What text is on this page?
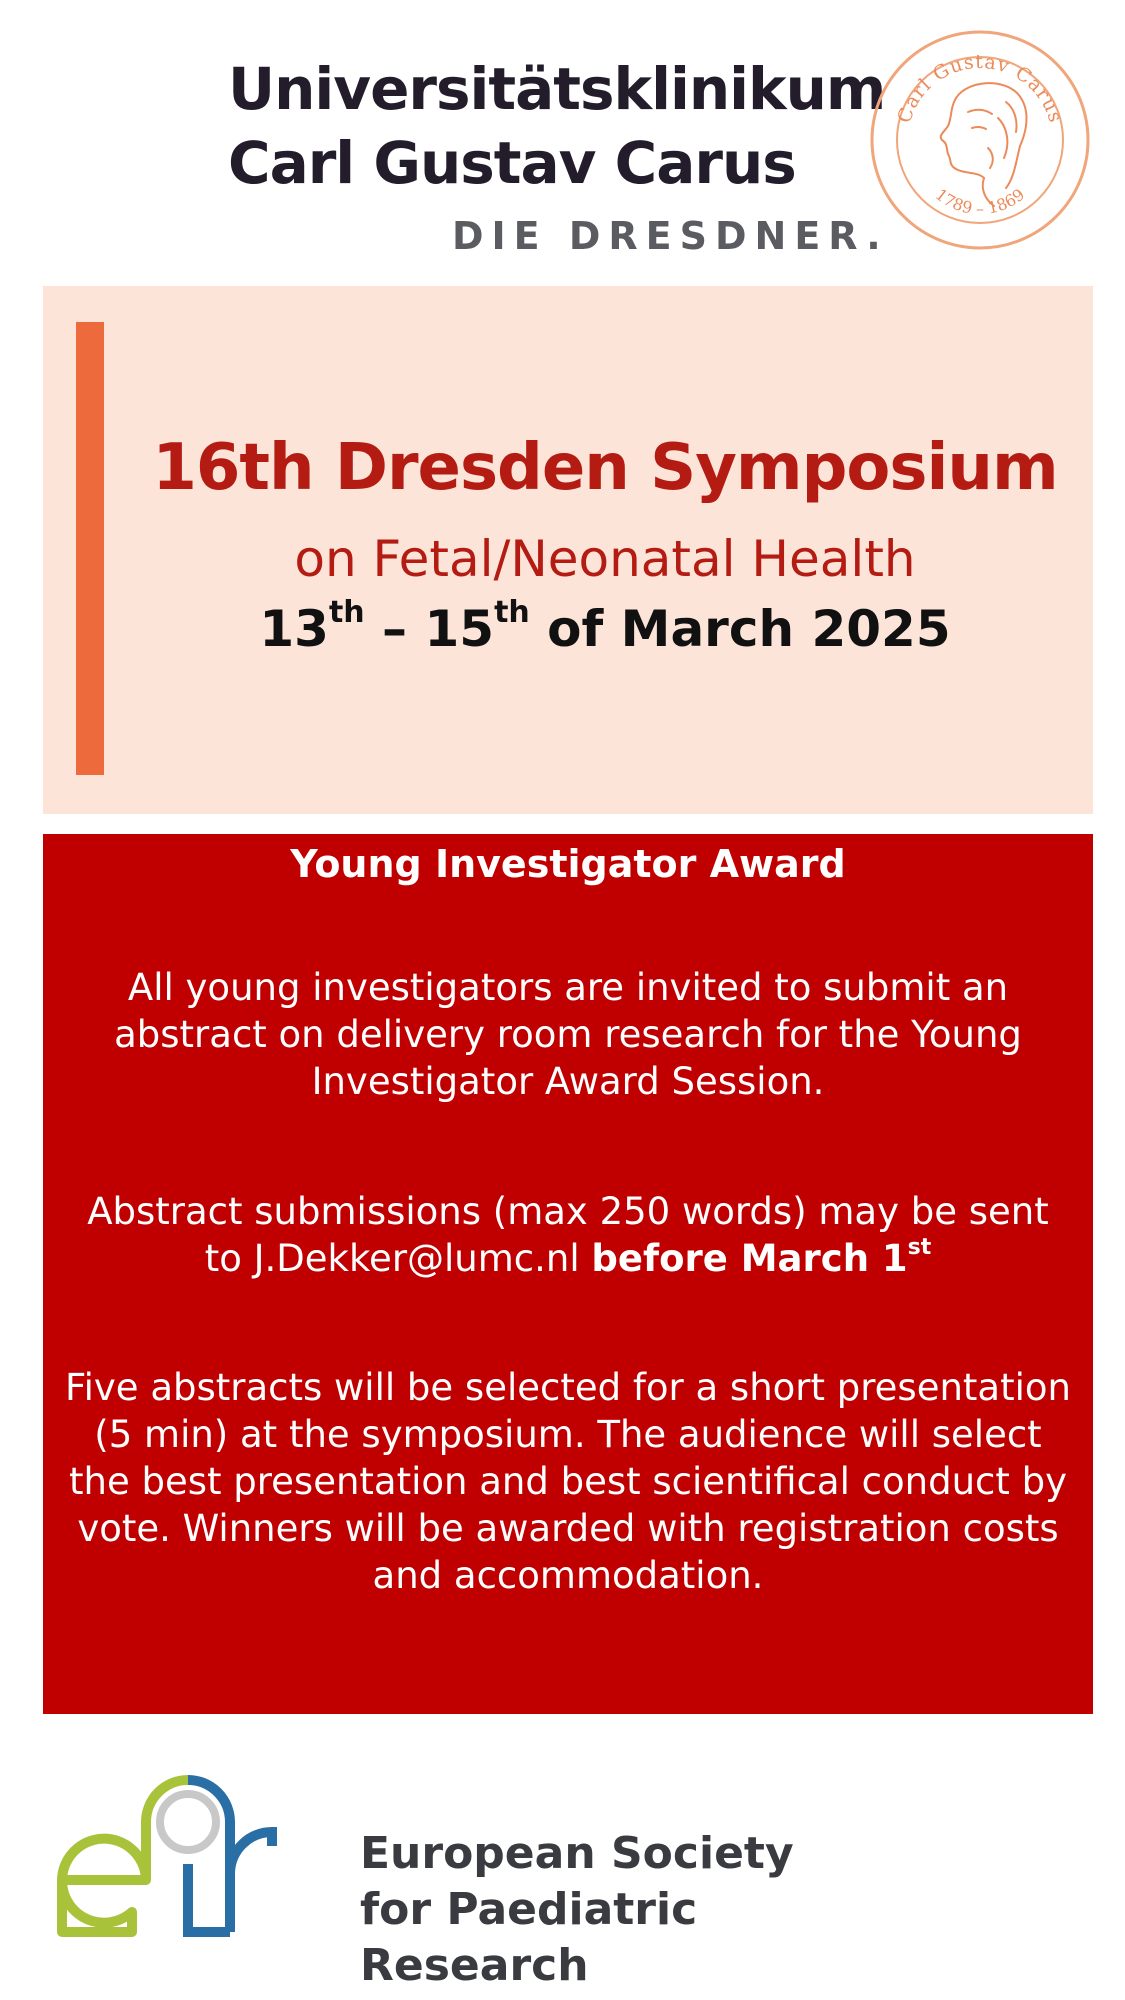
Universitätsklinikum
Carl Gustav Carus
DIE DRESDNER.
Carl Gustav Carus
1789 – 1869
16th Dresden Symposium
on Fetal/Neonatal Health
13th – 15th of March 2025
Young Investigator Award
All young investigators are invited to submit an abstract on delivery room research for the Young Investigator Award Session.
Abstract submissions (max 250 words) may be sent to J.Dekker@lumc.nl before March 1st
Five abstracts will be selected for a short presentation (5 min) at the symposium. The audience will select the best presentation and best scientifical conduct by vote. Winners will be awarded with registration costs and accommodation.
European Society
for Paediatric Research
